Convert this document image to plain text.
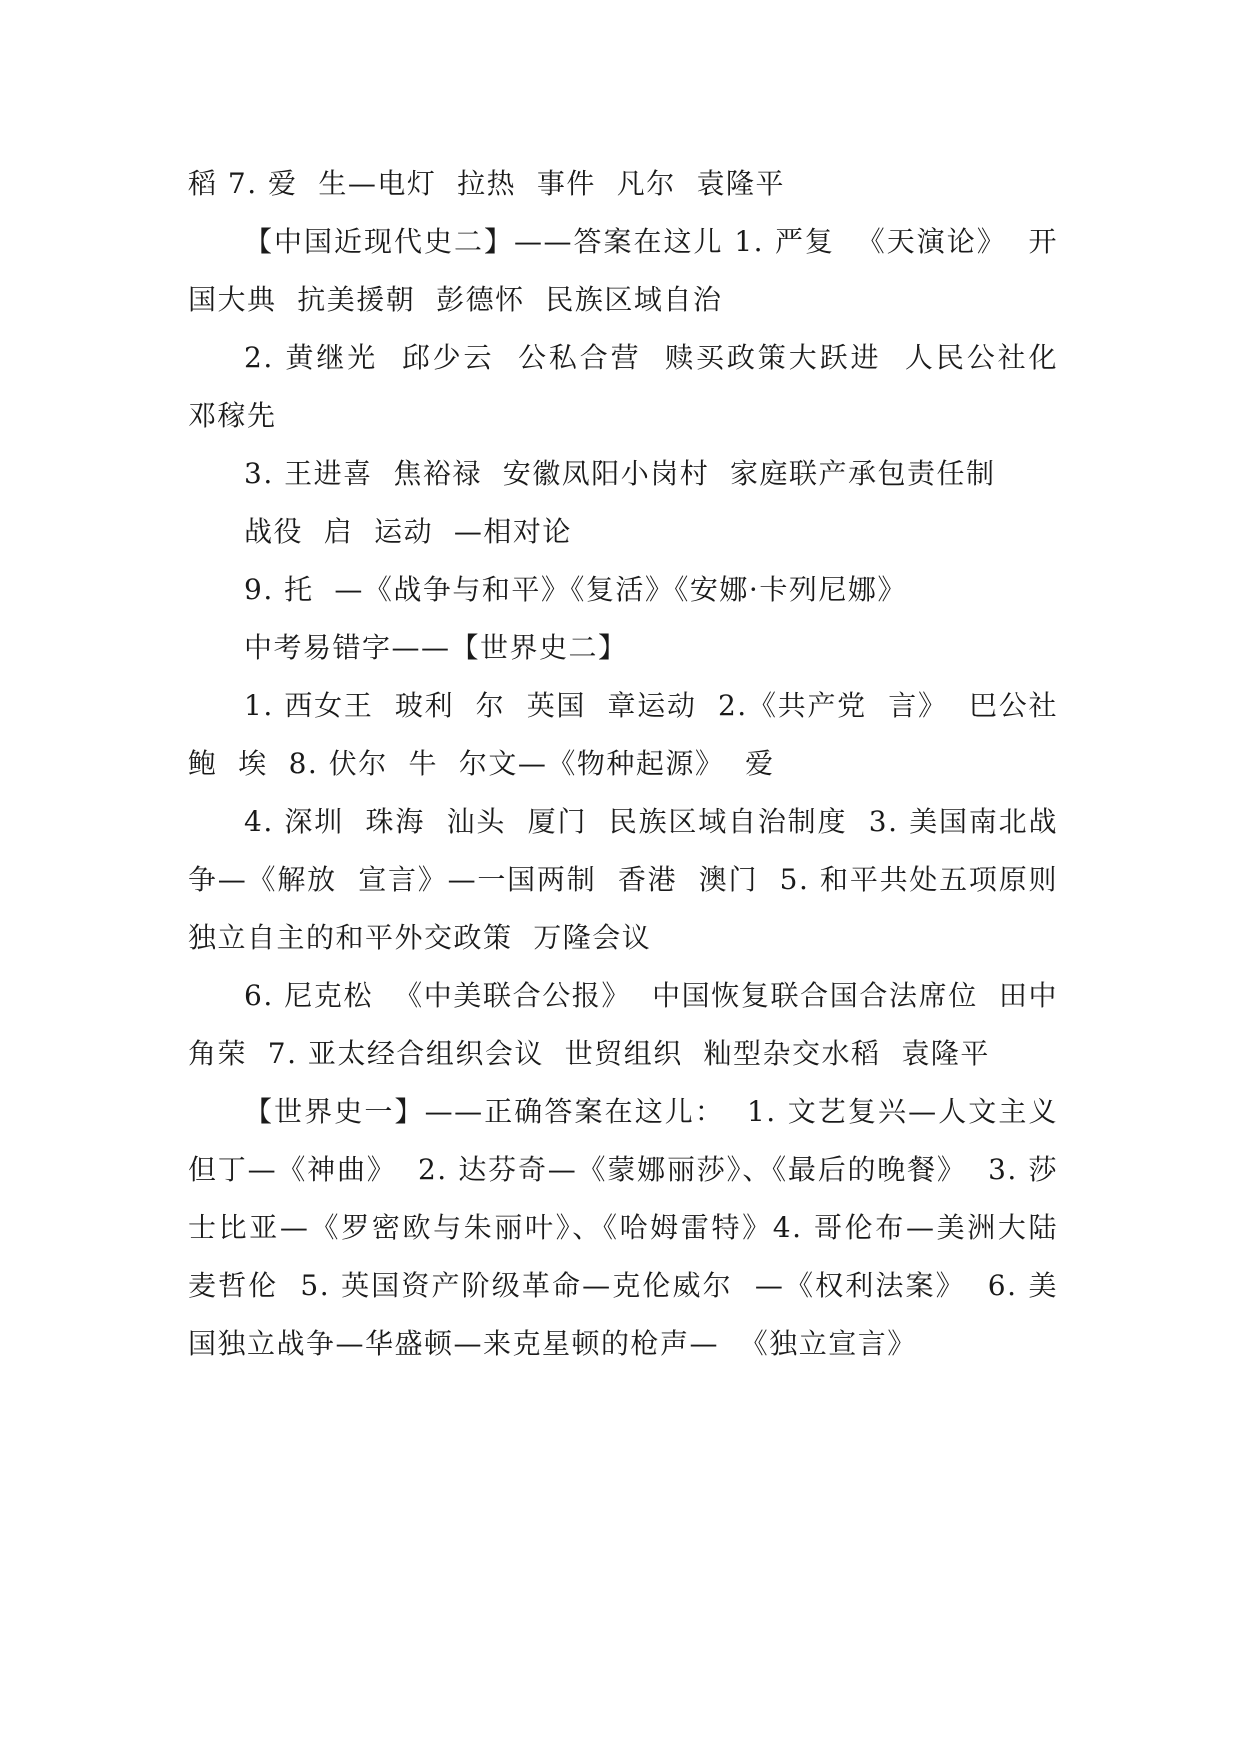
稻 7. 爱  生—电灯  拉热  事件  凡尔  袁隆平

【中国近现代史二】——答案在这儿 1. 严复  《天演论》  开国大典  抗美援朝  彭德怀  民族区域自治

2. 黄继光  邱少云  公私合营  赎买政策大跃进  人民公社化  邓稼先

3. 王进喜  焦裕禄  安徽凤阳小岗村  家庭联产承包责任制

战役  启  运动  —相对论

9. 托  —《战争与和平》《复活》《安娜·卡列尼娜》

中考易错字——【世界史二】

1. 西女王  玻利  尔  英国  章运动  2.《共产党  言》  巴公社  鲍  埃  8. 伏尔  牛  尔文—《物种起源》  爱

4. 深圳  珠海  汕头  厦门  民族区域自治制度  3. 美国南北战争—《解放  宣言》—一国两制  香港  澳门  5. 和平共处五项原则  独立自主的和平外交政策  万隆会议

6. 尼克松  《中美联合公报》  中国恢复联合国合法席位  田中角荣  7. 亚太经合组织会议  世贸组织  籼型杂交水稻  袁隆平

【世界史一】——正确答案在这儿：  1. 文艺复兴—人文主义  但丁—《神曲》  2. 达芬奇—《蒙娜丽莎》、《最后的晚餐》  3. 莎士比亚—《罗密欧与朱丽叶》、《哈姆雷特》4. 哥伦布—美洲大陆  麦哲伦  5. 英国资产阶级革命—克伦威尔  —《权利法案》  6. 美国独立战争—华盛顿—来克星顿的枪声—  《独立宣言》
